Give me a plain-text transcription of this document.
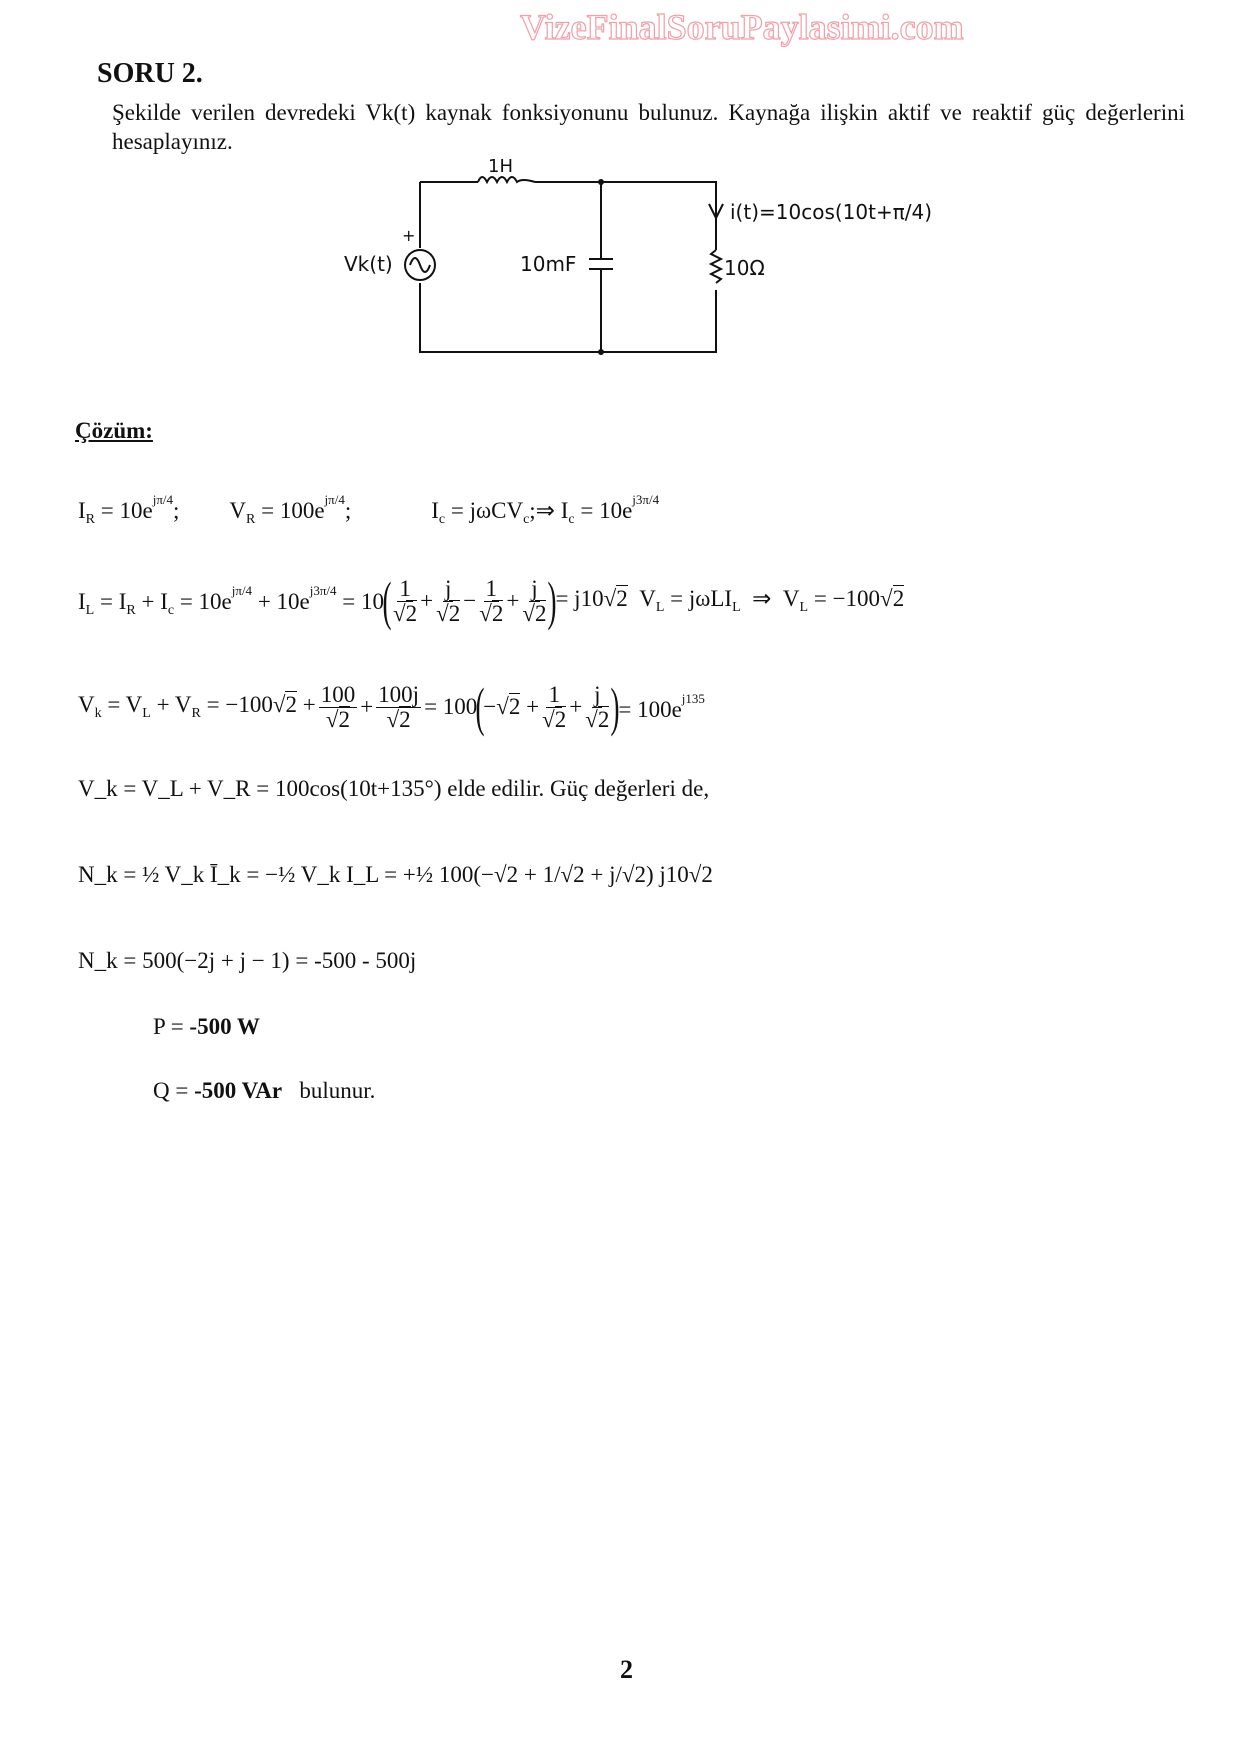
VizeFinalSoruPaylasimi.com
SORU 2.
Şekilde verilen devredeki Vk(t) kaynak fonksiyonunu bulunuz. Kaynağa ilişkin aktif ve reaktif güç değerlerini hesaplayınız.
1H
+
Vk(t)	10mF	10Ω
i(t)=10cos(10t+π/4)
Çözüm:
$I_R = 10e^{j\pi/4}$; $V_R = 100e^{j\pi/4}$;	$I_c$ = jωCV$_c$;⇒ $I_c = 10e^{j3\pi/4}$
$I_L = I_R + I_c = 10e^{j\pi/4} + 10e^{j3\pi/4} = 10$
( 1
√2 + j
√2 − 1
√2 + j
√2 )
= j10√2  $V_L = j\omega LI_L$  ⇒  $V_L = -100√2$
$V_k = V_L + V_R = -100√2 + \frac{100}{√2} + \frac{100j}{√2} = 100$
(
$-√2 + \frac{1}{√2} + j$
√2 )
= $100e^{j135}$
V_k = V_L + V_R = 100cos(10t+135°) elde edilir. Güç değerleri de,
N_k = ½ V_k Ī_k = −½ V_k I_L = +½ 100(−√2 + 1/√2 + j/√2) j10√2
N_k = 500(−2j + j − 1) = -500 - 500j
P =
-500 W
Q =
-500 VAr
bulunur.
2
